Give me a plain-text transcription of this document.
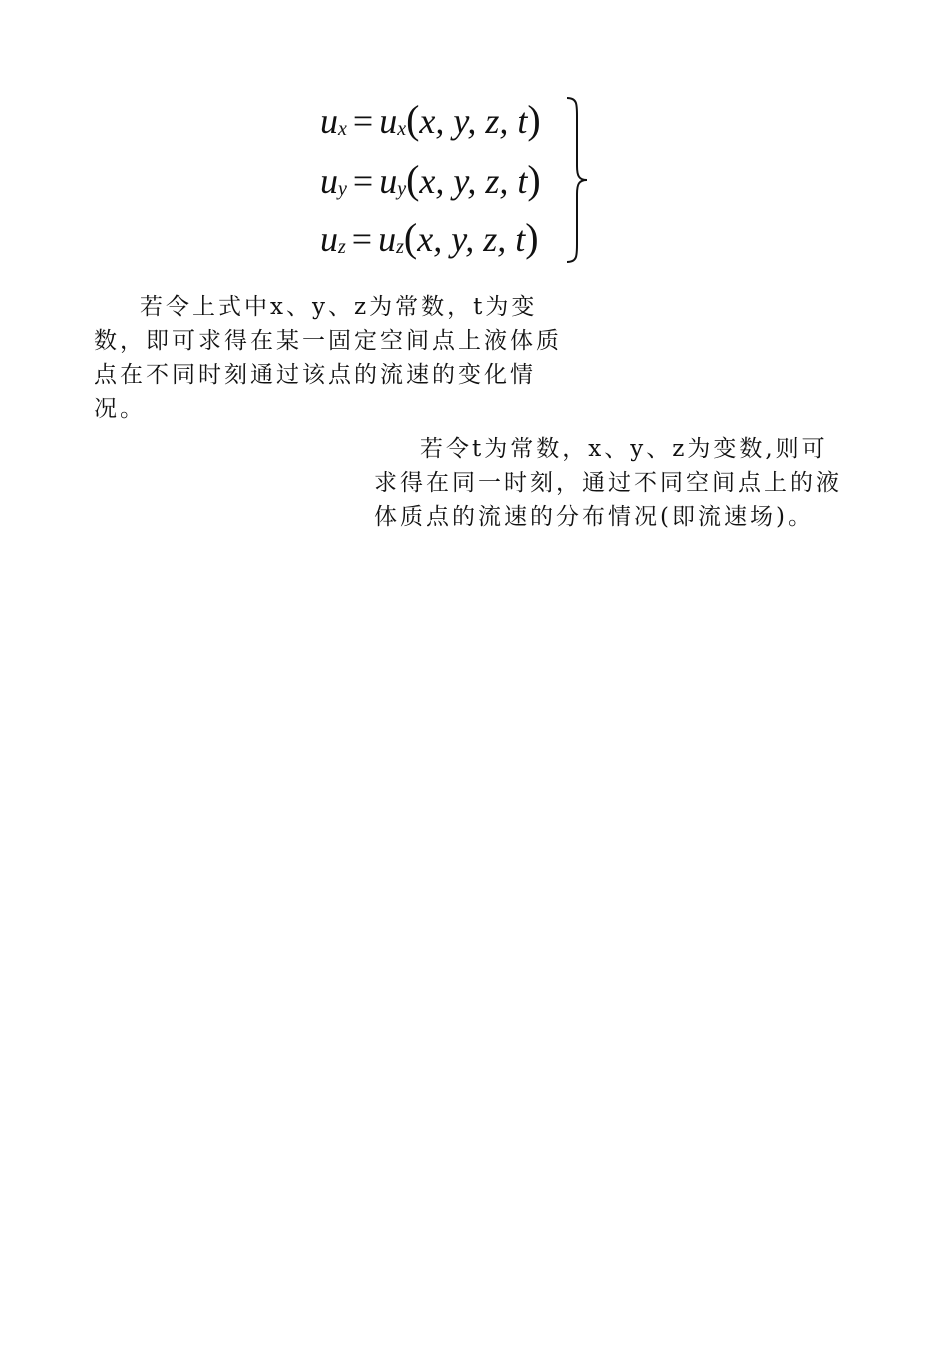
ux = ux(x, y, z, t)
uy = uy(x, y, z, t)
uz = uz(x, y, z, t)

若令上式中x、y、z为常数，t为变数，即可求得在某一固定空间点上液体质点在不同时刻通过该点的流速的变化情况。

若令t为常数，x、y、z为变数,则可求得在同一时刻，通过不同空间点上的液体质点的流速的分布情况(即流速场)。
